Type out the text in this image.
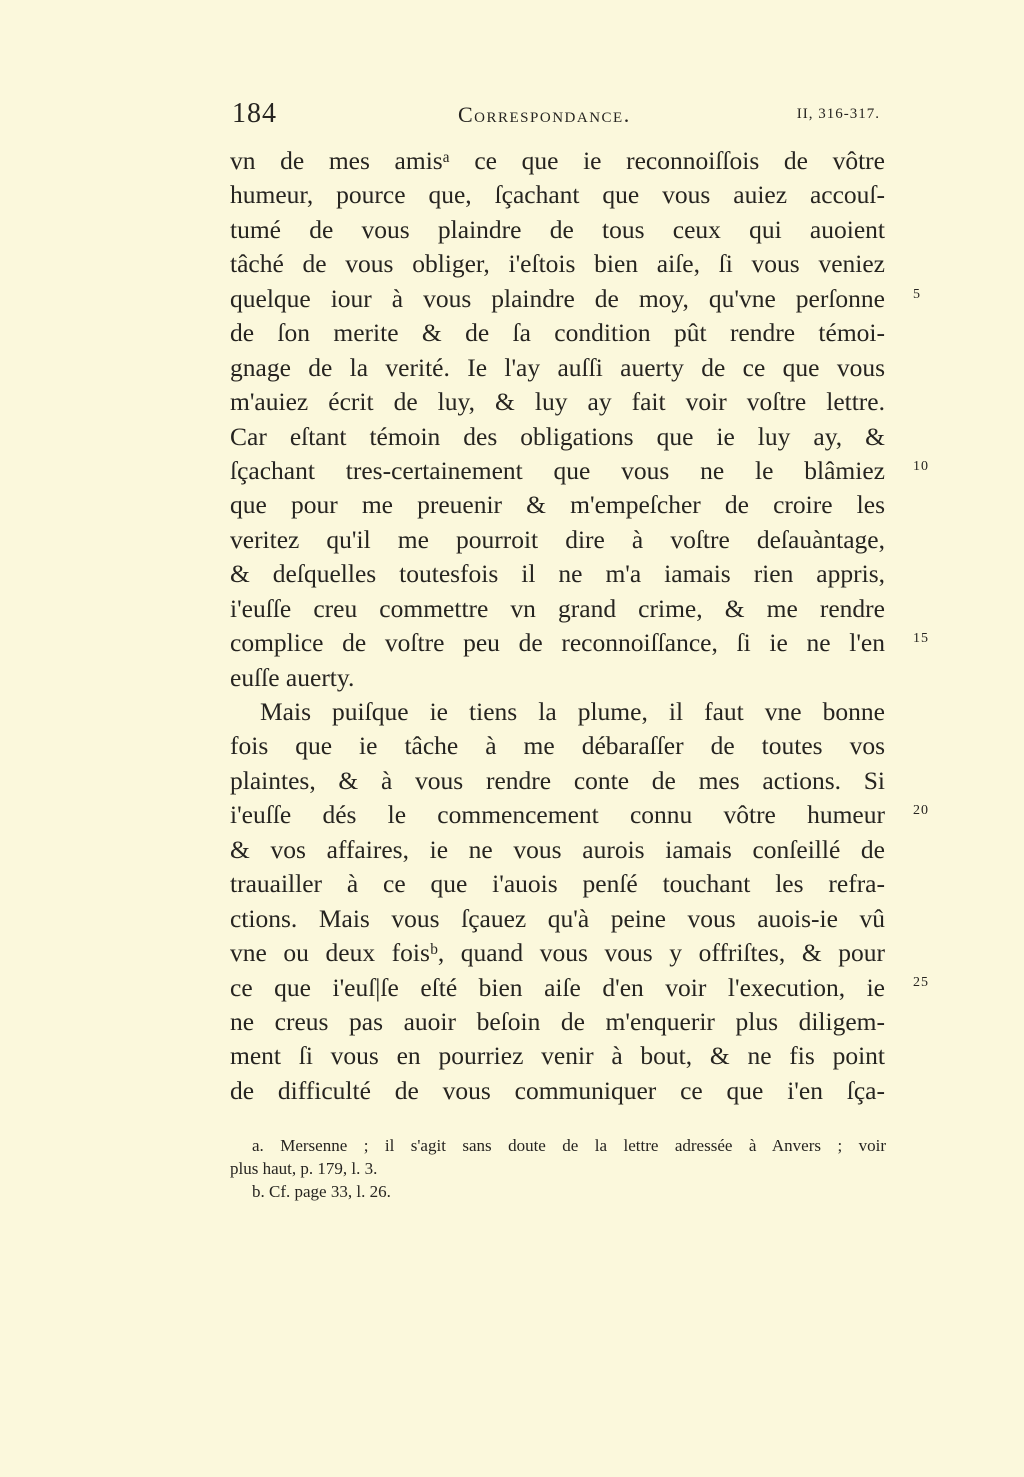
184	Correspondance.	II, 316-317.
vn de mes amisᵃ ce que ie reconnoiſſois de vôtre
humeur, pource que, ſçachant que vous auiez accouſ-
tumé de vous plaindre de tous ceux qui auoient
tâché de vous obliger, i'eſtois bien aiſe, ſi vous veniez
quelque iour à vous plaindre de moy, qu'vne perſonne
de ſon merite & de ſa condition pût rendre témoi-
gnage de la verité. Ie l'ay auſſi auerty de ce que vous
m'auiez écrit de luy, & luy ay fait voir voſtre lettre.
Car eſtant témoin des obligations que ie luy ay, &
ſçachant tres-certainement que vous ne le blâmiez
que pour me preuenir & m'empeſcher de croire les
veritez qu'il me pourroit dire à voſtre deſauàntage,
& deſquelles toutesfois il ne m'a iamais rien appris,
i'euſſe creu commettre vn grand crime, & me rendre
complice de voſtre peu de reconnoiſſance, ſi ie ne l'en
euſſe auerty.
Mais puiſque ie tiens la plume, il faut vne bonne
fois que ie tâche à me débaraſſer de toutes vos
plaintes, & à vous rendre conte de mes actions. Si
i'euſſe dés le commencement connu vôtre humeur
& vos affaires, ie ne vous aurois iamais conſeillé de
trauailler à ce que i'auois penſé touchant les refra-
ctions. Mais vous ſçauez qu'à peine vous auois-ie vû
vne ou deux foisᵇ, quand vous vous y offriſtes, & pour
ce que i'euſ|ſe eſté bien aiſe d'en voir l'execution, ie
ne creus pas auoir beſoin de m'enquerir plus diligem-
ment ſi vous en pourriez venir à bout, & ne fis point
de difficulté de vous communiquer ce que i'en ſça-
5
10
15
20
25
a. Mersenne ; il s'agit sans doute de la lettre adressée à Anvers ; voir
plus haut, p. 179, l. 3.
b. Cf. page 33, l. 26.
